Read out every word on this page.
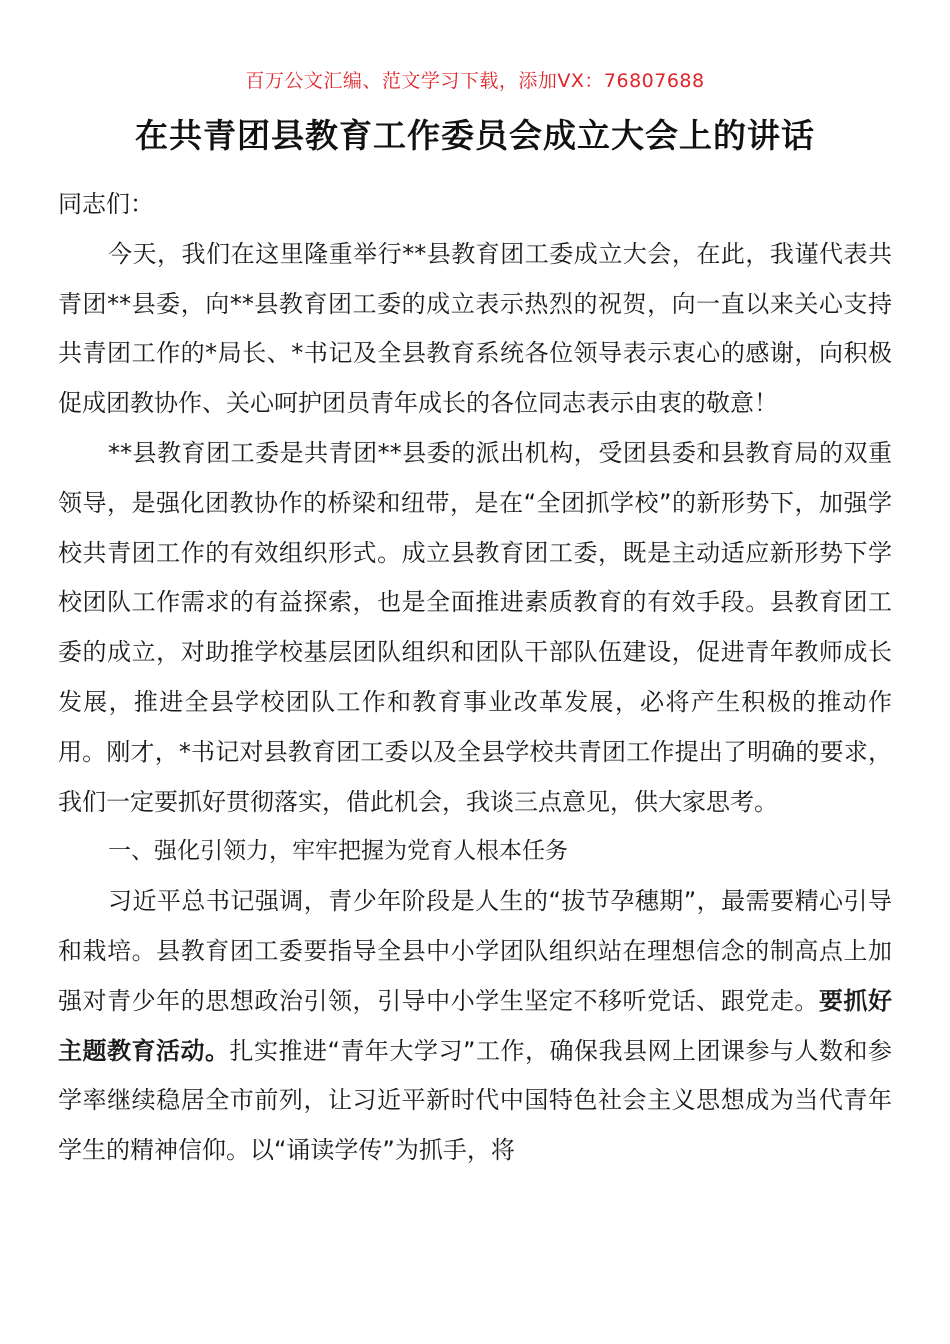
百万公文汇编、范文学习下载，添加VX：76807688
在共青团县教育工作委员会成立大会上的讲话

同志们：

今天，我们在这里隆重举行**县教育团工委成立大会，在此，我谨代表共青团**县委，向**县教育团工委的成立表示热烈的祝贺，向一直以来关心支持共青团工作的*局长、*书记及全县教育系统各位领导表示衷心的感谢，向积极促成团教协作、关心呵护团员青年成长的各位同志表示由衷的敬意！

**县教育团工委是共青团**县委的派出机构，受团县委和县教育局的双重领导，是强化团教协作的桥梁和纽带，是在“全团抓学校”的新形势下，加强学校共青团工作的有效组织形式。成立县教育团工委，既是主动适应新形势下学校团队工作需求的有益探索，也是全面推进素质教育的有效手段。县教育团工委的成立，对助推学校基层团队组织和团队干部队伍建设，促进青年教师成长发展，推进全县学校团队工作和教育事业改革发展，必将产生积极的推动作用。刚才，*书记对县教育团工委以及全县学校共青团工作提出了明确的要求，我们一定要抓好贯彻落实，借此机会，我谈三点意见，供大家思考。

一、强化引领力，牢牢把握为党育人根本任务

习近平总书记强调，青少年阶段是人生的“拔节孕穗期”，最需要精心引导和栽培。县教育团工委要指导全县中小学团队组织站在理想信念的制高点上加强对青少年的思想政治引领，引导中小学生坚定不移听党话、跟党走。要抓好主题教育活动。扎实推进“青年大学习”工作，确保我县网上团课参与人数和参学率继续稳居全市前列，让习近平新时代中国特色社会主义思想成为当代青年学生的精神信仰。以“诵读学传”为抓手，将
